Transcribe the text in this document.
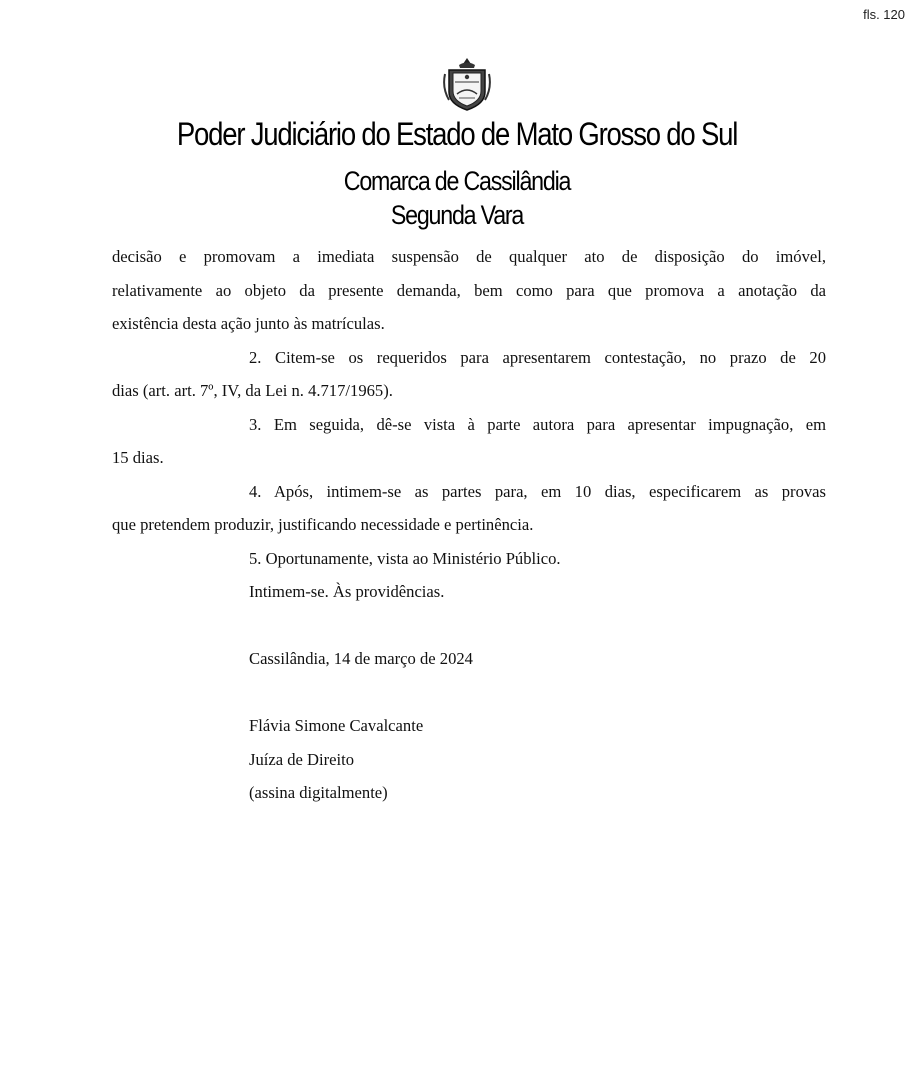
fls. 120
Poder Judiciário do Estado de Mato Grosso do Sul
Comarca de Cassilândia
Segunda Vara
decisão e promovam a imediata suspensão de qualquer ato de disposição do imóvel,
relativamente ao objeto da presente demanda, bem como para que promova a anotação da
existência desta ação junto às matrículas.
2. Citem-se os requeridos para apresentarem contestação, no prazo de 20
dias (art. art. 7º, IV, da Lei n. 4.717/1965).
3. Em seguida, dê-se vista à parte autora para apresentar impugnação, em
15 dias.
4. Após, intimem-se as partes para, em 10 dias, especificarem as provas
que pretendem produzir, justificando necessidade e pertinência.
5. Oportunamente, vista ao Ministério Público.
Intimem-se. Às providências.
Cassilândia, 14 de março de 2024
Flávia Simone Cavalcante
Juíza de Direito
(assina digitalmente)
